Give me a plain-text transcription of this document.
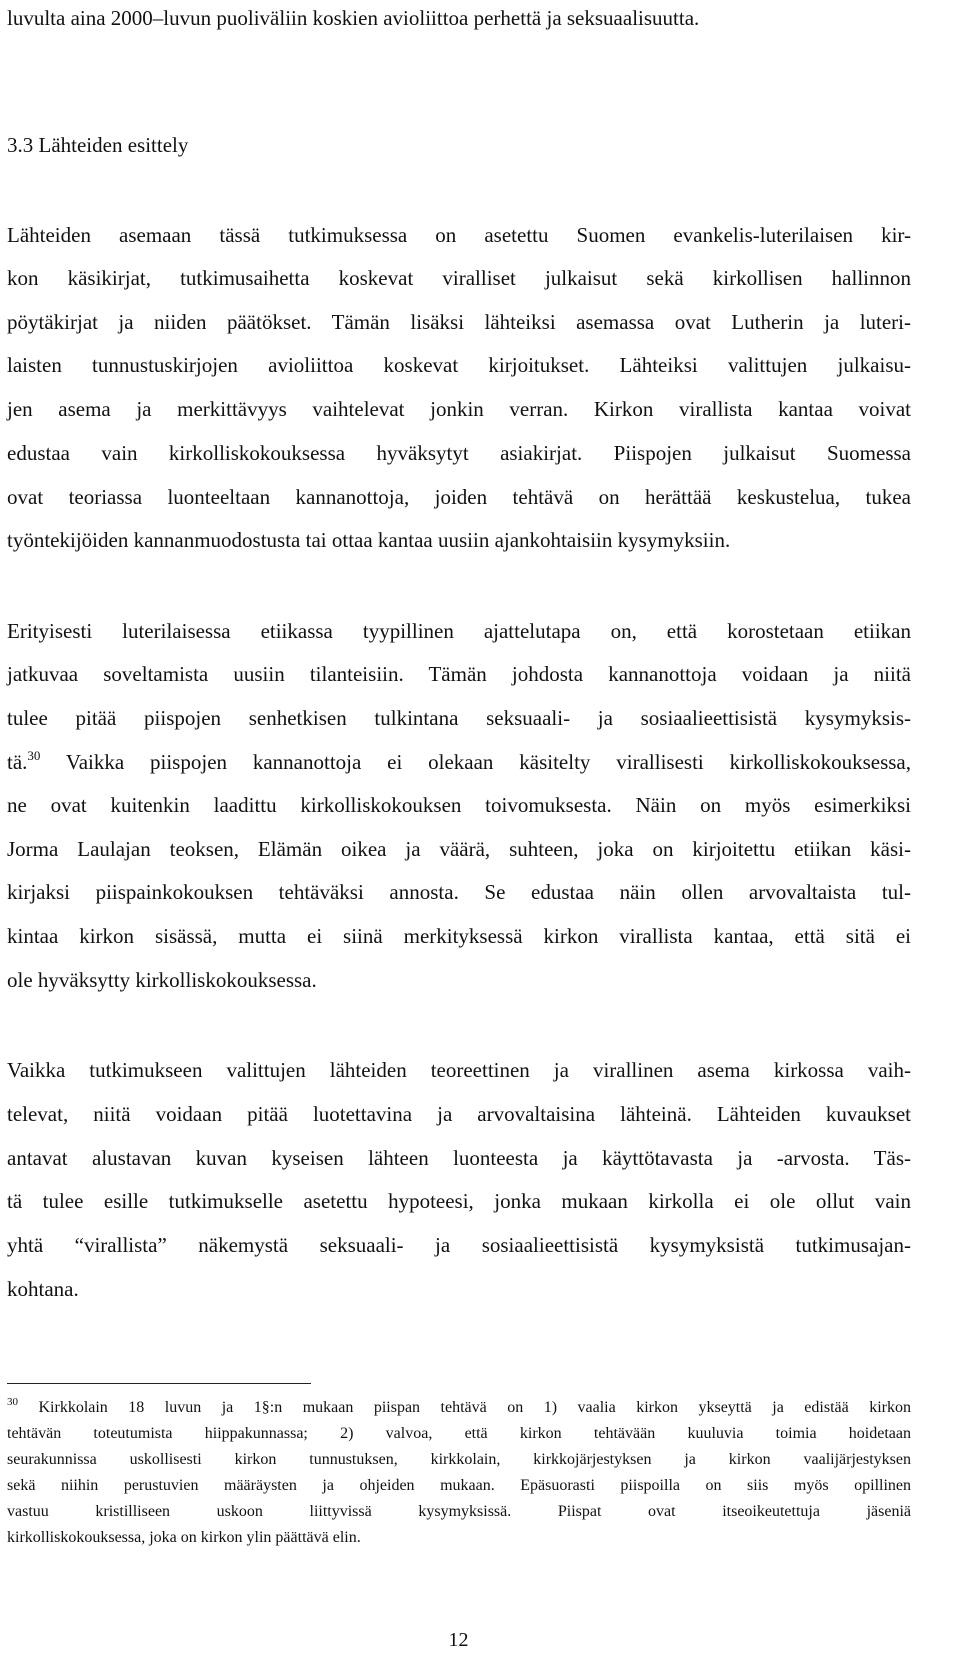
luvulta aina 2000–luvun puoliväliin koskien avioliittoa perhettä ja seksuaalisuutta.

3.3 Lähteiden esittely

Lähteiden asemaan tässä tutkimuksessa on asetettu Suomen evankelis-luterilaisen kir-

kon käsikirjat, tutkimusaihetta koskevat viralliset julkaisut sekä kirkollisen hallinnon

pöytäkirjat ja niiden päätökset. Tämän lisäksi lähteiksi asemassa ovat Lutherin ja luteri-

laisten tunnustuskirjojen avioliittoa koskevat kirjoitukset. Lähteiksi valittujen julkaisu-

jen asema ja merkittävyys vaihtelevat jonkin verran. Kirkon virallista kantaa voivat

edustaa vain kirkolliskokouksessa hyväksytyt asiakirjat. Piispojen julkaisut Suomessa

ovat teoriassa luonteeltaan kannanottoja, joiden tehtävä on herättää keskustelua, tukea

työntekijöiden kannanmuodostusta tai ottaa kantaa uusiin ajankohtaisiin kysymyksiin.

Erityisesti luterilaisessa etiikassa tyypillinen ajattelutapa on, että korostetaan etiikan

jatkuvaa soveltamista uusiin tilanteisiin. Tämän johdosta kannanottoja voidaan ja niitä

tulee pitää piispojen senhetkisen tulkintana seksuaali- ja sosiaalieettisistä kysymyksis-

tä.$^{30}$ Vaikka piispojen kannanottoja ei olekaan käsitelty virallisesti kirkolliskokouksessa,

ne ovat kuitenkin laadittu kirkolliskokouksen toivomuksesta. Näin on myös esimerkiksi

Jorma Laulajan teoksen, Elämän oikea ja väärä, suhteen, joka on kirjoitettu etiikan käsi-

kirjaksi piispainkokouksen tehtäväksi annosta. Se edustaa näin ollen arvovaltaista tul-

kintaa kirkon sisässä, mutta ei siinä merkityksessä kirkon virallista kantaa, että sitä ei

ole hyväksytty kirkolliskokouksessa.

Vaikka tutkimukseen valittujen lähteiden teoreettinen ja virallinen asema kirkossa vaih-

televat, niitä voidaan pitää luotettavina ja arvovaltaisina lähteinä. Lähteiden kuvaukset

antavat alustavan kuvan kyseisen lähteen luonteesta ja käyttötavasta ja -arvosta. Täs-

tä tulee esille tutkimukselle asetettu hypoteesi, jonka mukaan kirkolla ei ole ollut vain

yhtä “virallista” näkemystä seksuaali- ja sosiaalieettisistä kysymyksistä tutkimusajan-

kohtana.

$^{30}$ Kirkkolain 18 luvun ja 1§:n mukaan piispan tehtävä on 1) vaalia kirkon ykseyttä ja edistää kirkon

tehtävän toteutumista hiippakunnassa; 2) valvoa, että kirkon tehtävään kuuluvia toimia hoidetaan

seurakunnissa uskollisesti kirkon tunnustuksen, kirkkolain, kirkkojärjestyksen ja kirkon vaalijärjestyksen

sekä niihin perustuvien määräysten ja ohjeiden mukaan. Epäsuorasti piispoilla on siis myös opillinen

vastuu kristilliseen uskoon liittyvissä kysymyksissä. Piispat ovat itseoikeutettuja jäseniä

kirkolliskokouksessa, joka on kirkon ylin päättävä elin.

12
